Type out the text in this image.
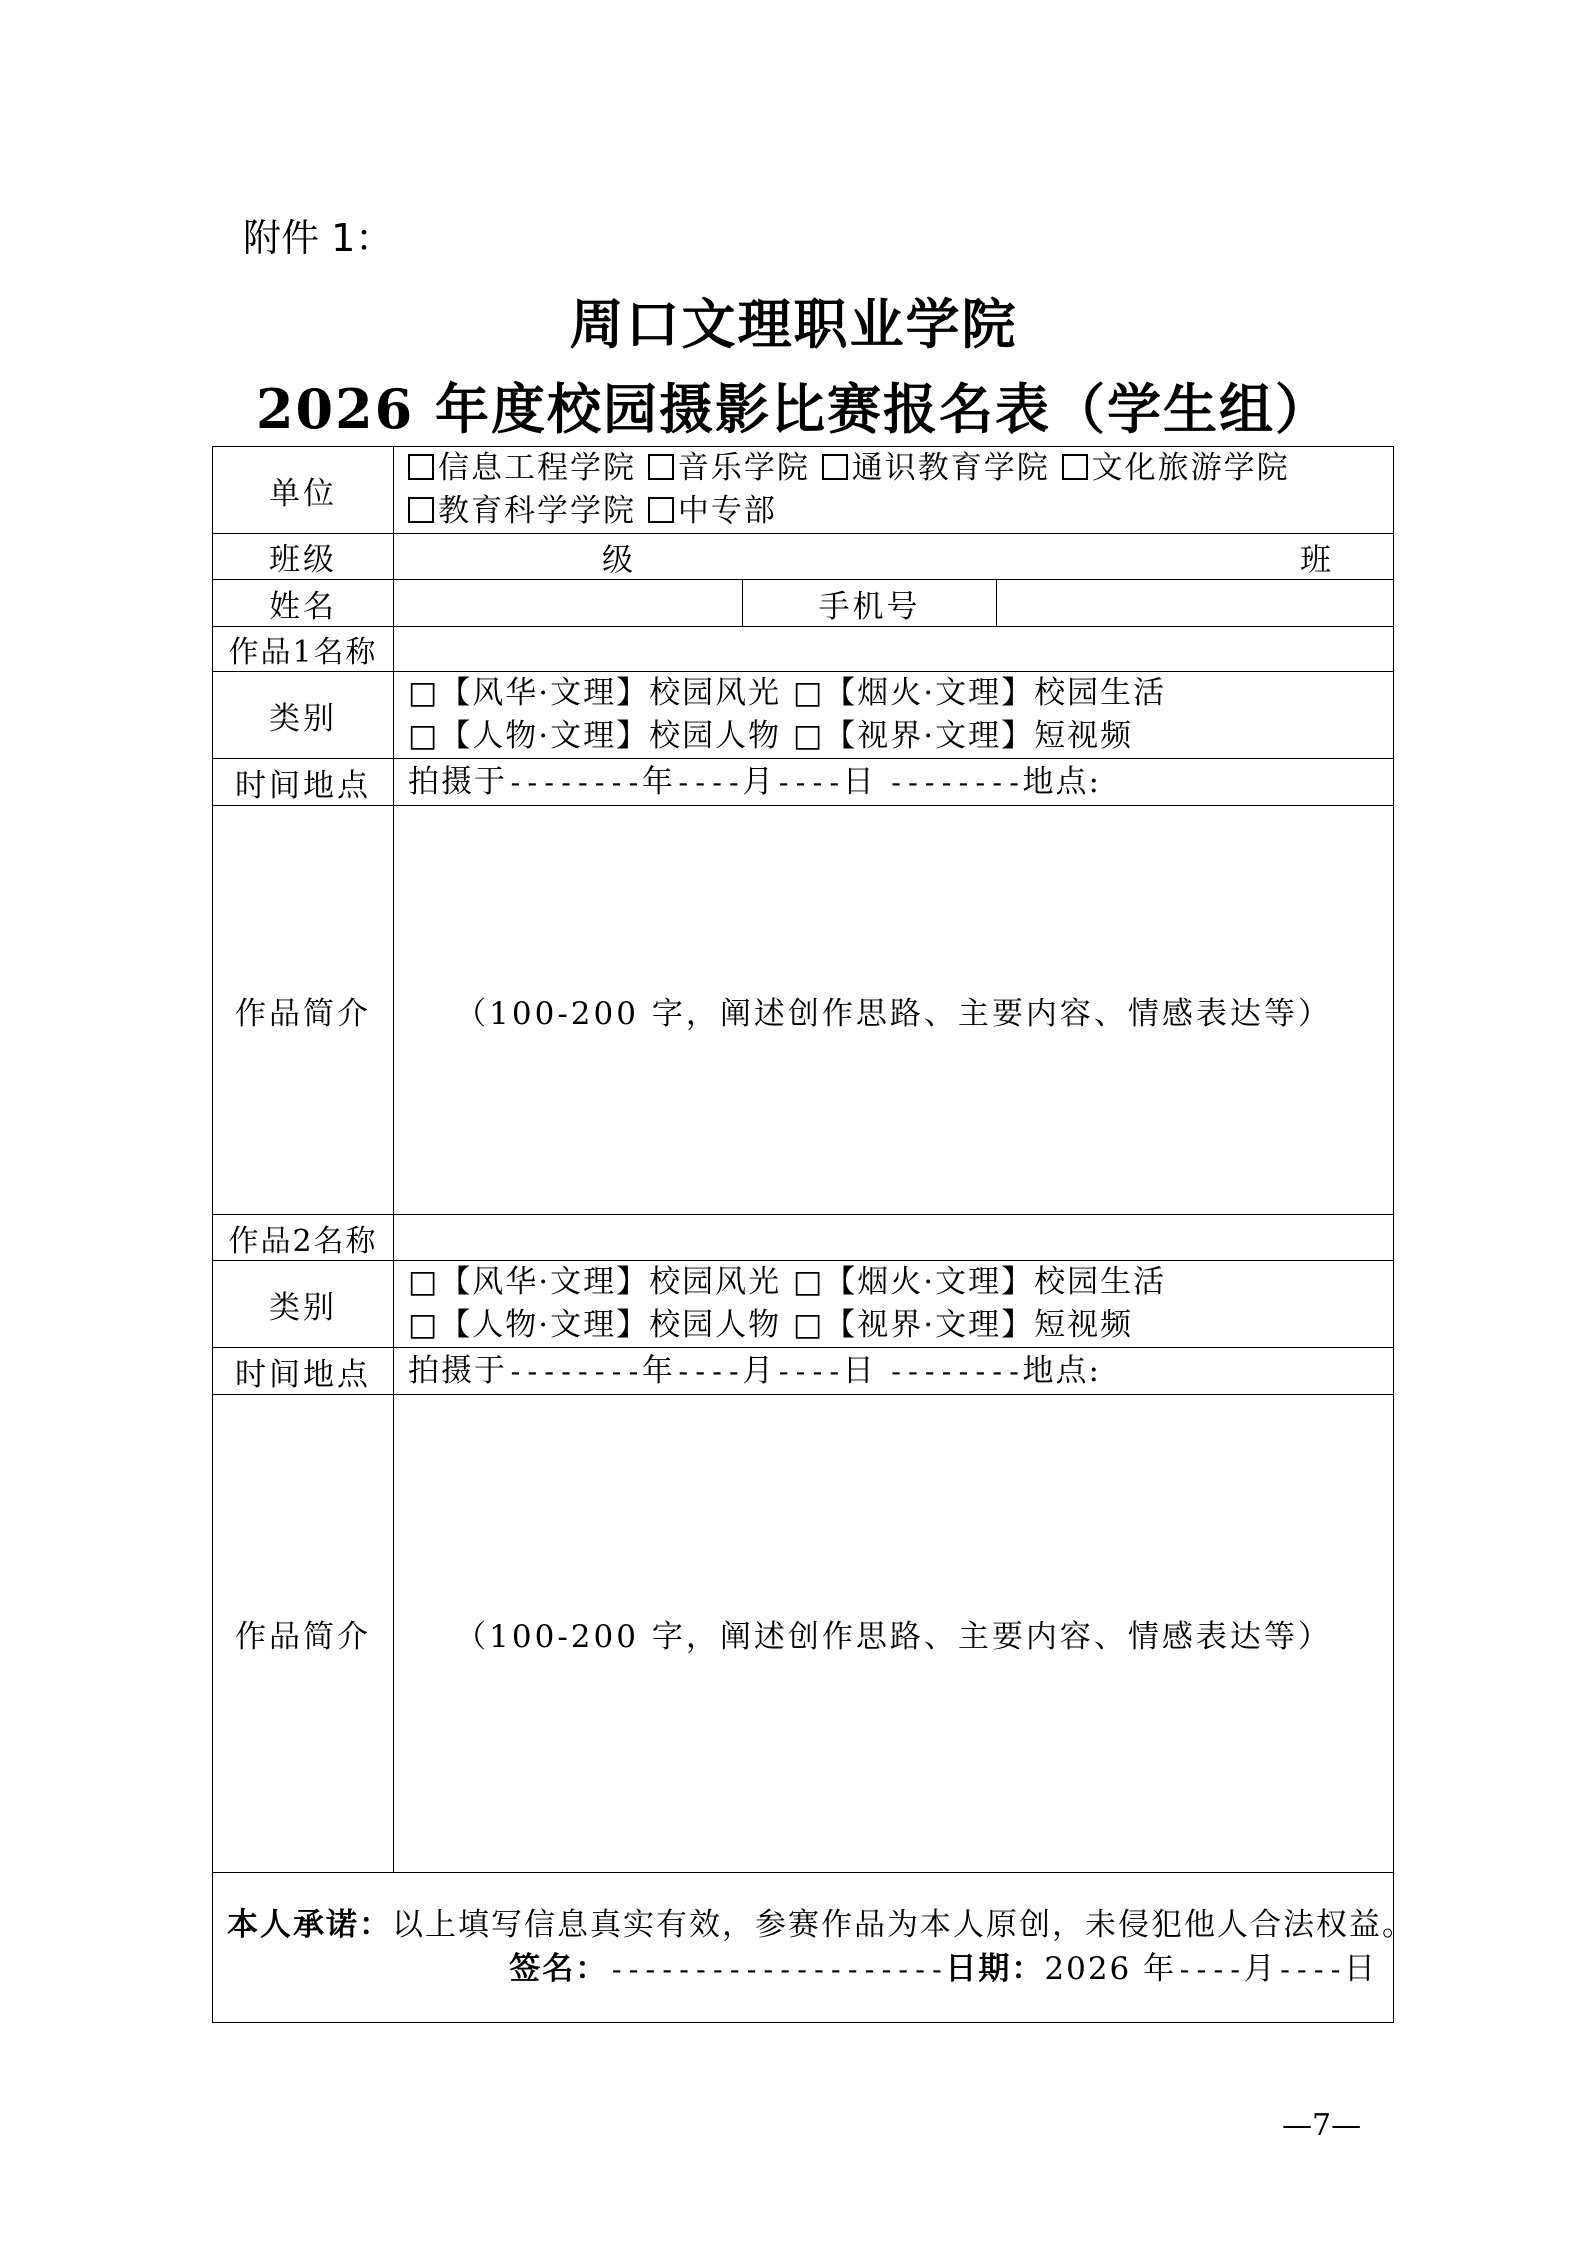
附件 1：
周口文理职业学院
2026 年度校园摄影比赛报名表（学生组）
单位	信息工程学院 音乐学院 通识教育学院 文化旅游学院
教育科学学院 中专部		

班级	级 班		

姓名		手机号	
作品1名称			
类别	□【风华·文理】校园风光 □【烟火·文理】校园生活
□【人物·文理】校园人物 □【视界·文理】短视频		

时间地点	拍摄于--------年----月----日 --------地点:		

作品简介	（100-200 字，阐述创作思路、主要内容、情感表达等）		
作品2名称			
类别	□【风华·文理】校园风光 □【烟火·文理】校园生活
□【人物·文理】校园人物 □【视界·文理】短视频		

时间地点	拍摄于--------年----月----日 --------地点:		

作品简介	（100-200 字，阐述创作思路、主要内容、情感表达等）		

本人承诺：以上填写信息真实有效，参赛作品为本人原创，未侵犯他人合法权益。
签名：--------------------日期：2026 年----月----日			
—7—
